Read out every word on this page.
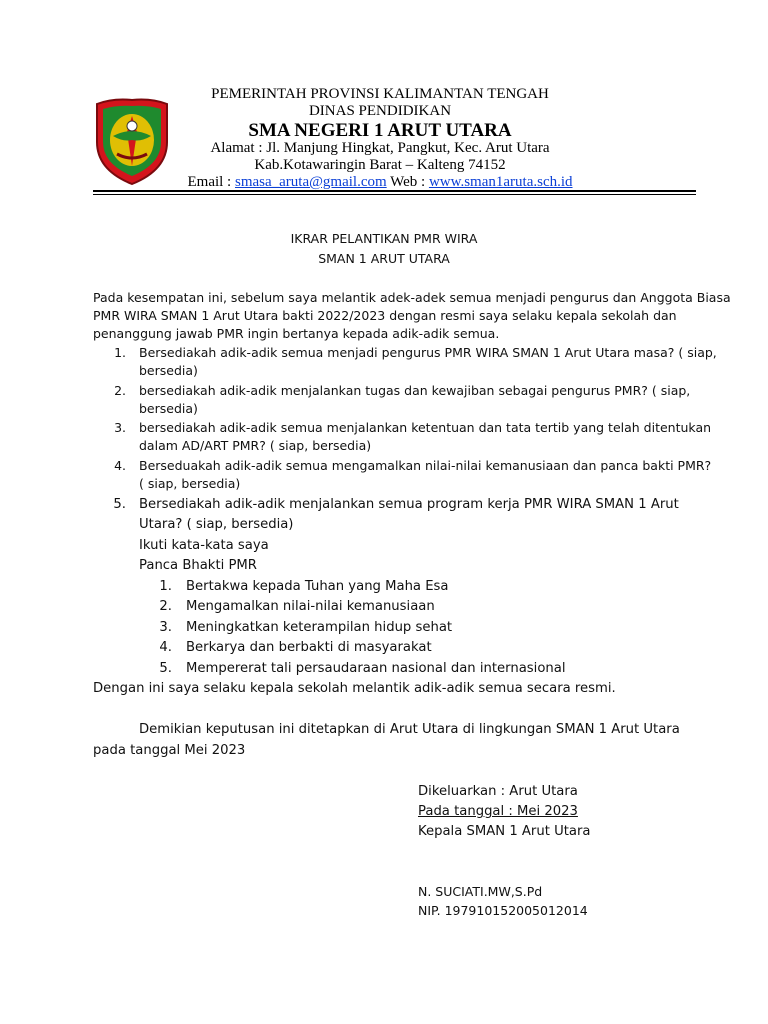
PEMERINTAH PROVINSI KALIMANTAN TENGAH
DINAS PENDIDIKAN
SMA NEGERI 1 ARUT UTARA
Alamat : Jl. Manjung Hingkat, Pangkut, Kec. Arut Utara
Kab.Kotawaringin Barat – Kalteng 74152
Email : smasa_aruta@gmail.com Web : www.sman1aruta.sch.id
IKRAR PELANTIKAN PMR WIRA
SMAN 1 ARUT UTARA
Pada kesempatan ini, sebelum saya melantik adek-adek semua menjadi pengurus dan Anggota Biasa
PMR WIRA SMAN 1 Arut Utara bakti 2022/2023 dengan resmi saya selaku kepala sekolah dan
penanggung jawab PMR ingin bertanya kepada adik-adik semua.
1. Bersediakah adik-adik semua menjadi pengurus PMR WIRA SMAN 1 Arut Utara masa? ( siap,
bersedia)
2. bersediakah adik-adik menjalankan tugas dan kewajiban sebagai pengurus PMR? ( siap,
bersedia)
3. bersediakah adik-adik semua menjalankan ketentuan dan tata tertib yang telah ditentukan
dalam AD/ART PMR? ( siap, bersedia)
4. Berseduakah adik-adik semua mengamalkan nilai-nilai kemanusiaan dan panca bakti PMR?
( siap, bersedia)
5. Bersediakah adik-adik menjalankan semua program kerja PMR WIRA SMAN 1 Arut
Utara? ( siap, bersedia)
Ikuti kata-kata saya
Panca Bhakti PMR
1. Bertakwa kepada Tuhan yang Maha Esa
2. Mengamalkan nilai-nilai kemanusiaan
3. Meningkatkan keterampilan hidup sehat
4. Berkarya dan berbakti di masyarakat
5. Mempererat tali persaudaraan nasional dan internasional
Dengan ini saya selaku kepala sekolah melantik adik-adik semua secara resmi.
Demikian keputusan ini ditetapkan di Arut Utara di lingkungan SMAN 1 Arut Utara
pada tanggal Mei 2023
Dikeluarkan : Arut Utara
Pada tanggal : Mei 2023
Kepala SMAN 1 Arut Utara
N. SUCIATI.MW,S.Pd
NIP. 197910152005012014
